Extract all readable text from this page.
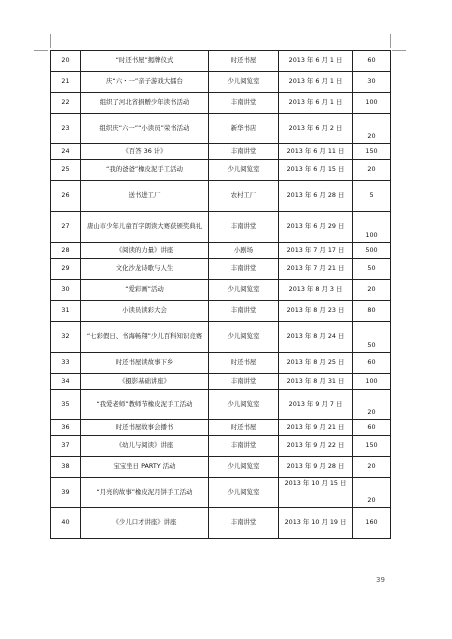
20	“时还书屋”揭牌仪式	时还书屋	2013 年 6 月 1 日	60
21	庆“六・一”亲子游戏大擂台	少儿阅览室	2013 年 6 月 1 日	30
22	组织了河北省捐赠少年读书活动	丰南讲堂	2013 年 6 月 1 日	100
23	组织庆“六一”“小读员”荣书活动	新华书店	2013 年 6 月 2 日	20
24	《百答 36 计》	丰南讲堂	2013 年 6 月 11 日	150
25	“我的爸爸”橡皮泥手工活动	少儿阅览室	2013 年 6 月 15 日	20
26	送书进工厂	农村工厂	2013 年 6 月 28 日	5
27	唐山市少年儿童百字朗读大赛获颁奖典礼	丰南讲堂	2013 年 6 月 29 日	100
28	《阅读的力量》讲座	小剧场	2013 年 7 月 17 日	500
29	文化沙龙诗歌与人生	丰南讲堂	2013 年 7 月 21 日	50
30	“爱彩画”活动	少儿阅览室	2013 年 8 月 3 日	20
31	小读员读彩大会	丰南讲堂	2013 年 8 月 23 日	80
32	“七彩假日、书海畅翔”少儿百科知识竞赛	少儿阅览室	2013 年 8 月 24 日	50
33	时还书屋读故事下乡	时还书屋	2013 年 8 月 25 日	60
34	《摄影基础讲座》	丰南讲堂	2013 年 8 月 31 日	100
35	“我爱老师”教师节橡皮泥手工活动	少儿阅览室	2013 年 9 月 7 日	20
36	时还书屋故事会播书	时还书屋	2013 年 9 月 21 日	60
37	《幼儿与阅读》讲座	丰南讲堂	2013 年 9 月 22 日	150
38	宝宝坐日 PARTY 活动	少儿阅览室	2013 年 9 月 28 日	20
39	“月亮的故事”橡皮泥月饼手工活动	少儿阅览室	2013 年 10 月 15 日	20
40	《少儿口才讲座》讲座	丰南讲堂	2013 年 10 月 19 日	160
39
